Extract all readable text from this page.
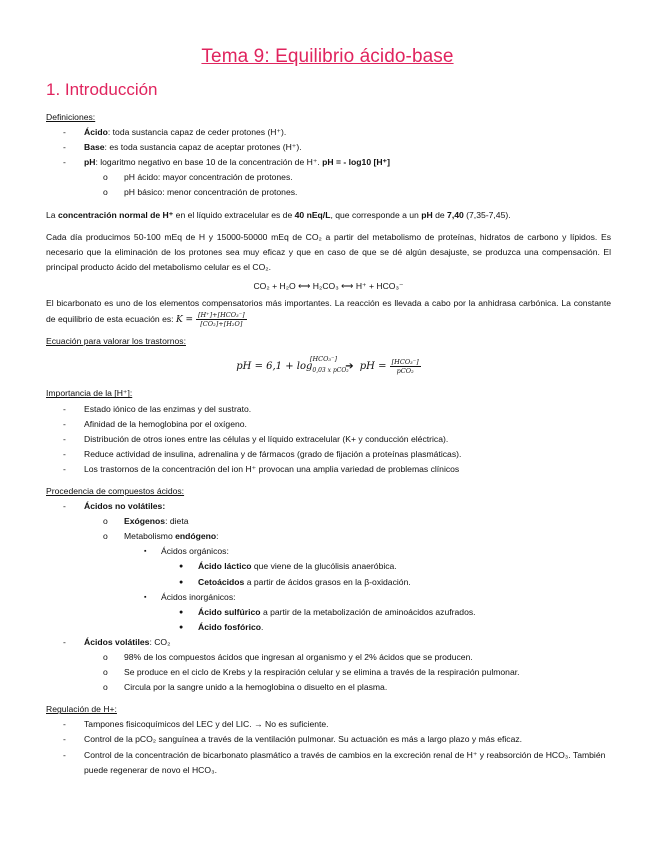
Tema 9: Equilibrio ácido-base
1. Introducción

Definiciones:

- Ácido: toda sustancia capaz de ceder protones (H⁺).
- Base: es toda sustancia capaz de aceptar protones (H⁺).
- pH: logaritmo negativo en base 10 de la concentración de H⁺. pH = - log10 [H⁺]
o pH ácido: mayor concentración de protones.
o pH básico: menor concentración de protones.

La concentración normal de H⁺ en el líquido extracelular es de 40 nEq/L, que corresponde a un pH de 7,40 (7,35-7,45).

Cada día producimos 50-100 mEq de H y 15000-50000 mEq de CO₂ a partir del metabolismo de proteínas, hidratos de carbono y lípidos. Es necesario que la eliminación de los protones sea muy eficaz y que en caso de que se dé algún desajuste, se produzca una compensación. El principal producto ácido del metabolismo celular es el CO₂.

CO₂ + H₂O ⟷ H₂CO₃ ⟷ H⁺ + HCO₃⁻

El bicarbonato es uno de los elementos compensatorios más importantes. La reacción es llevada a cabo por la anhidrasa carbónica. La constante de equilibrio de esta ecuación es: $K = \frac{\text{[H⁺]+[HCO₃⁻]}}{\text{[CO₂]+[H₂O]}}$

Ecuación para valorar los trastornos:

pH = $6,1 + \log_{0,03 x pCO_2}$
[HCO₃⁻]
➔ pH = $\frac{\text{[HCO₃⁻]}}{\text{pCO₂}}$

Importancia de la [H⁺]:

- Estado iónico de las enzimas y del sustrato.
- Afinidad de la hemoglobina por el oxígeno.
- Distribución de otros iones entre las células y el líquido extracelular (K+ y conducción eléctrica).
- Reduce actividad de insulina, adrenalina y de fármacos (grado de fijación a proteínas plasmáticas).
- Los trastornos de la concentración del ion H⁺ provocan una amplia variedad de problemas clínicos

Procedencia de compuestos ácidos:

- Ácidos no volátiles:
o Exógenos: dieta
o Metabolismo endógeno:
▪ Ácidos orgánicos:
● Ácido láctico que viene de la glucólisis anaeróbica.
● Cetoácidos a partir de ácidos grasos en la β-oxidación.
▪ Ácidos inorgánicos:
● Ácido sulfúrico a partir de la metabolización de aminoácidos azufrados.
● Ácido fosfórico.
- Ácidos volátiles: CO₂
o 98% de los compuestos ácidos que ingresan al organismo y el 2% ácidos que se producen.
o Se produce en el ciclo de Krebs y la respiración celular y se elimina a través de la respiración pulmonar.
o Circula por la sangre unido a la hemoglobina o disuelto en el plasma.

Regulación de H+:

- Tampones fisicoquímicos del LEC y del LIC. → No es suficiente.
- Control de la pCO₂ sanguínea a través de la ventilación pulmonar. Su actuación es más a largo plazo y más eficaz.
- Control de la concentración de bicarbonato plasmático a través de cambios en la excreción renal de H⁺ y reabsorción de HCO₃. También puede regenerar de novo el HCO₃.
